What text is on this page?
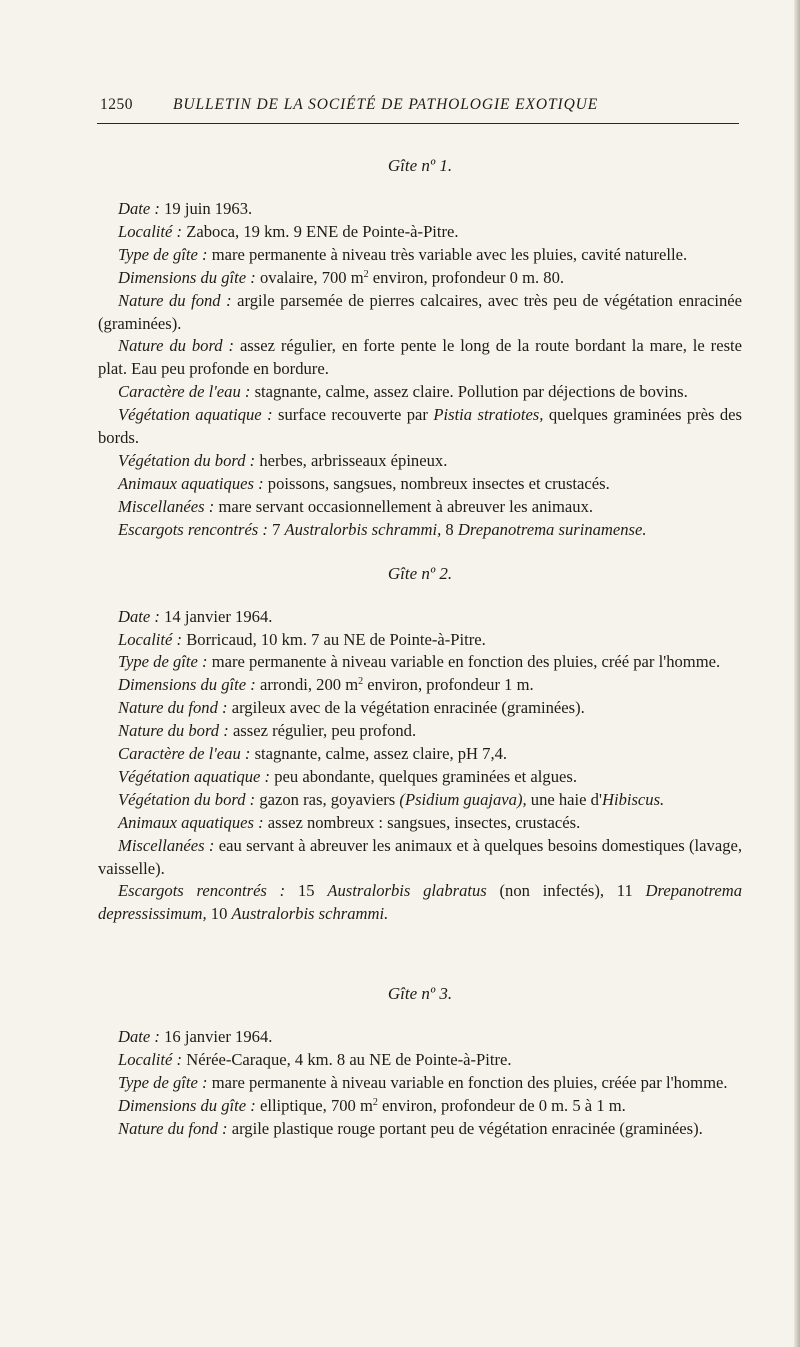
1250	BULLETIN DE LA SOCIÉTÉ DE PATHOLOGIE EXOTIQUE

Gîte nº 1.

Date : 19 juin 1963.

Localité : Zaboca, 19 km. 9 ENE de Pointe-à-Pitre.

Type de gîte : mare permanente à niveau très variable avec les pluies, cavité naturelle.

Dimensions du gîte : ovalaire, 700 $m^2$ environ, profondeur 0 m. 80.

Nature du fond : argile parsemée de pierres calcaires, avec très peu de végétation enracinée (graminées).

Nature du bord : assez régulier, en forte pente le long de la route bordant la mare, le reste plat. Eau peu profonde en bordure.

Caractère de l'eau : stagnante, calme, assez claire. Pollution par déjections de bovins.

Végétation aquatique : surface recouverte par Pistia stratiotes, quelques graminées près des bords.

Végétation du bord : herbes, arbrisseaux épineux.

Animaux aquatiques : poissons, sangsues, nombreux insectes et crustacés.

Miscellanées : mare servant occasionnellement à abreuver les animaux.

Escargots rencontrés : 7 Australorbis schrammi, 8 Drepanotrema surinamense.

Gîte nº 2.

Date : 14 janvier 1964.

Localité : Borricaud, 10 km. 7 au NE de Pointe-à-Pitre.

Type de gîte : mare permanente à niveau variable en fonction des pluies, créé par l'homme.

Dimensions du gîte : arrondi, 200 $m^2$ environ, profondeur 1 m.

Nature du fond : argileux avec de la végétation enracinée (graminées).

Nature du bord : assez régulier, peu profond.

Caractère de l'eau : stagnante, calme, assez claire, pH 7,4.

Végétation aquatique : peu abondante, quelques graminées et algues.

Végétation du bord : gazon ras, goyaviers (Psidium guajava), une haie d'Hibiscus.

Animaux aquatiques : assez nombreux : sangsues, insectes, crustacés.

Miscellanées : eau servant à abreuver les animaux et à quelques besoins domestiques (lavage, vaisselle).

Escargots rencontrés : 15 Australorbis glabratus (non infectés), 11 Drepanotrema depressissimum, 10 Australorbis schrammi.

Gîte nº 3.

Date : 16 janvier 1964.

Localité : Nérée-Caraque, 4 km. 8 au NE de Pointe-à-Pitre.

Type de gîte : mare permanente à niveau variable en fonction des pluies, créée par l'homme.

Dimensions du gîte : elliptique, 700 $m^2$ environ, profondeur de 0 m. 5 à 1 m.

Nature du fond : argile plastique rouge portant peu de végétation enracinée (graminées).
